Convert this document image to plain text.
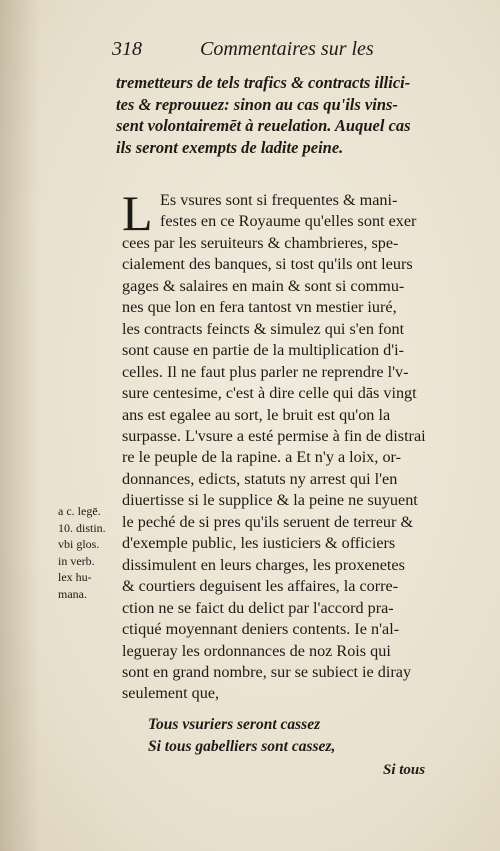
318	Commentaires sur les
tremetteurs de tels trafics & contracts illici-
tes & reprouuez: sinon au cas qu'ils vins-
sent volontairemēt à reuelation. Auquel cas
ils seront exempts de ladite peine.
L Es vsures sont si frequentes & mani-
festes en ce Royaume qu'elles sont exer
cees par les seruiteurs & chambrieres, spe-
cialement des banques, si tost qu'ils ont leurs
gages & salaires en main & sont si commu-
nes que lon en fera tantost vn mestier iuré,
les contracts feincts & simulez qui s'en font
sont cause en partie de la multiplication d'i-
celles. Il ne faut plus parler ne reprendre l'v-
sure centesime, c'est à dire celle qui dās vingt
ans est egalee au sort, le bruit est qu'on la
surpasse. L'vsure a esté permise à fin de distrai
re le peuple de la rapine. a Et n'y a loix, or-
donnances, edicts, statuts ny arrest qui l'en
diuertisse si le supplice & la peine ne suyuent
le peché de si pres qu'ils seruent de terreur &
d'exemple public, les iusticiers & officiers
dissimulent en leurs charges, les proxenetes
& courtiers deguisent les affaires, la corre-
ction ne se faict du delict par l'accord pra-
ctiqué moyennant deniers contents. Ie n'al-
legueray les ordonnances de noz Rois qui
sont en grand nombre, sur se subiect ie diray
seulement que,
a c. legē.
10. distin.
vbi glos.
in verb.
lex hu-
mana.
Tous vsuriers seront cassez
Si tous gabelliers sont cassez,
Si tous
